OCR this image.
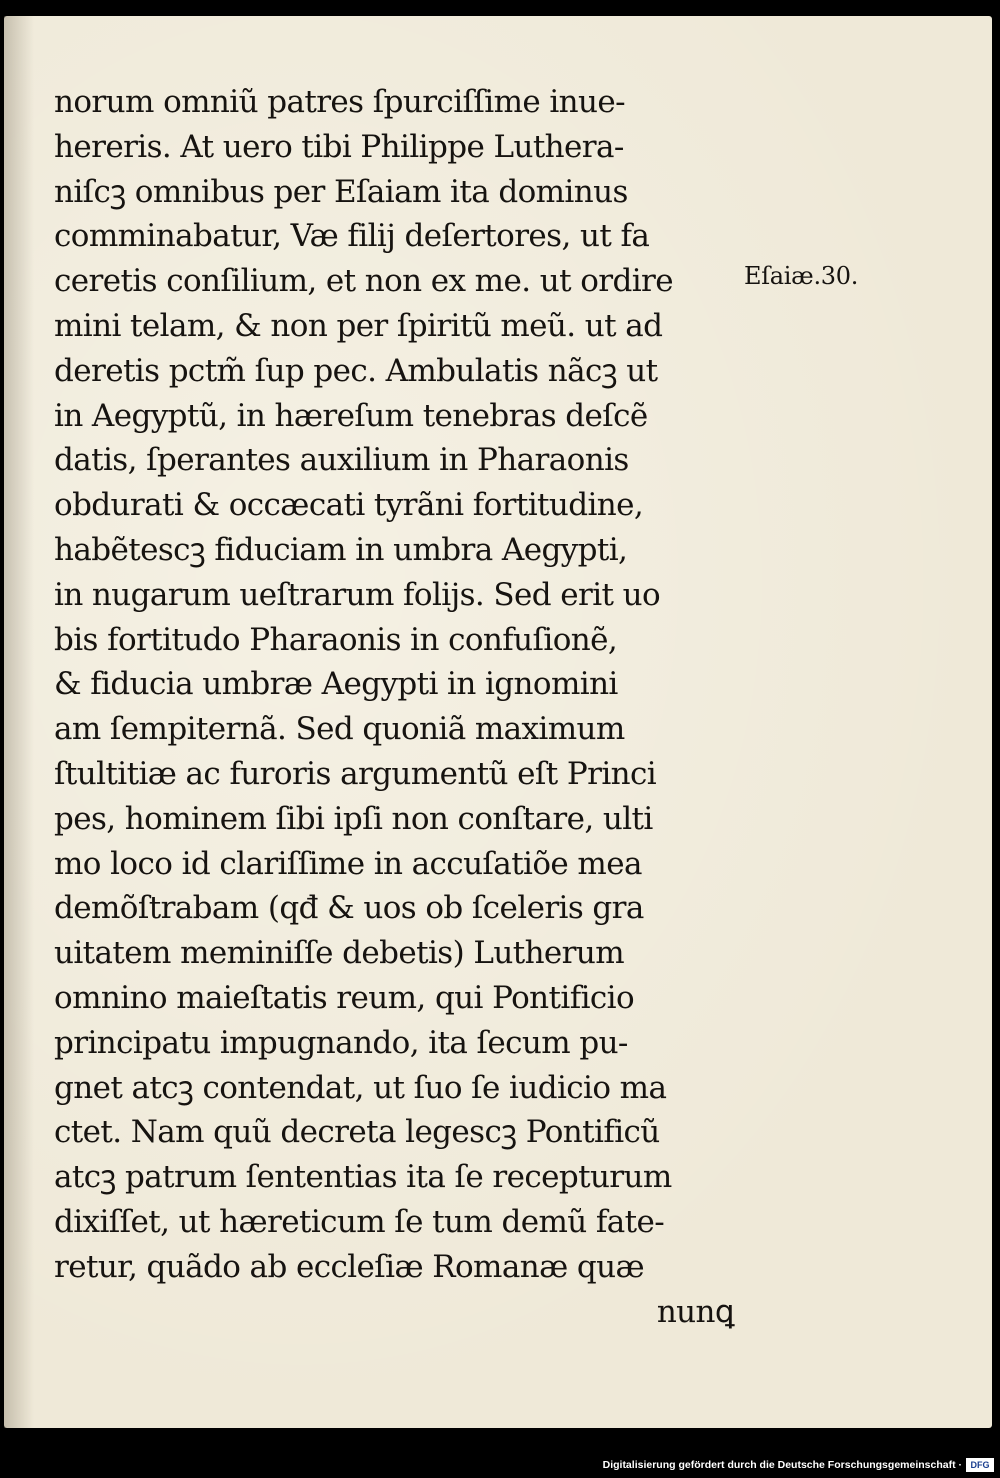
norum omniũ patres ſpurciſſime inue-
hereris. At uero tibi Philippe Luthera-
niſcꝫ omnibus per Eſaiam ita dominus
comminabatur, Væ filij deſertores, ut fa
ceretis conſilium, et non ex me. ut ordire
mini telam, & non per ſpiritũ meũ. ut ad
deretis pctm̃ ſup pec. Ambulatis nãcꝫ ut
in Aegyptũ, in hæreſum tenebras deſcẽ
datis, ſperantes auxilium in Pharaonis
obdurati & occæcati tyrãni fortitudine,
habẽtescꝫ fiduciam in umbra Aegypti,
in nugarum ueſtrarum folijs. Sed erit uo
bis fortitudo Pharaonis in confuſionẽ,
& fiducia umbræ Aegypti in ignomini
am ſempiternã. Sed quoniã maximum
ſtultitiæ ac furoris argumentũ eſt Princi
pes, hominem ſibi ipſi non conſtare, ulti
mo loco id clariſſime in accuſatiõe mea
demõſtrabam (qđ & uos ob ſceleris gra
uitatem meminiſſe debetis) Lutherum
omnino maieſtatis reum, qui Pontificio
principatu impugnando, ita ſecum pu-
gnet atcꝫ contendat, ut ſuo ſe iudicio ma
ctet. Nam quũ decreta legescꝫ Pontificũ
atcꝫ patrum ſententias ita ſe recepturum
dixiſſet, ut hæreticum ſe tum demũ fate-
retur, quãdo ab eccleſiæ Romanæ quæ
nunꝗ
Eſaiæ.30.
Digitalisierung gefördert durch die Deutsche Forschungsgemeinschaft · DFG
